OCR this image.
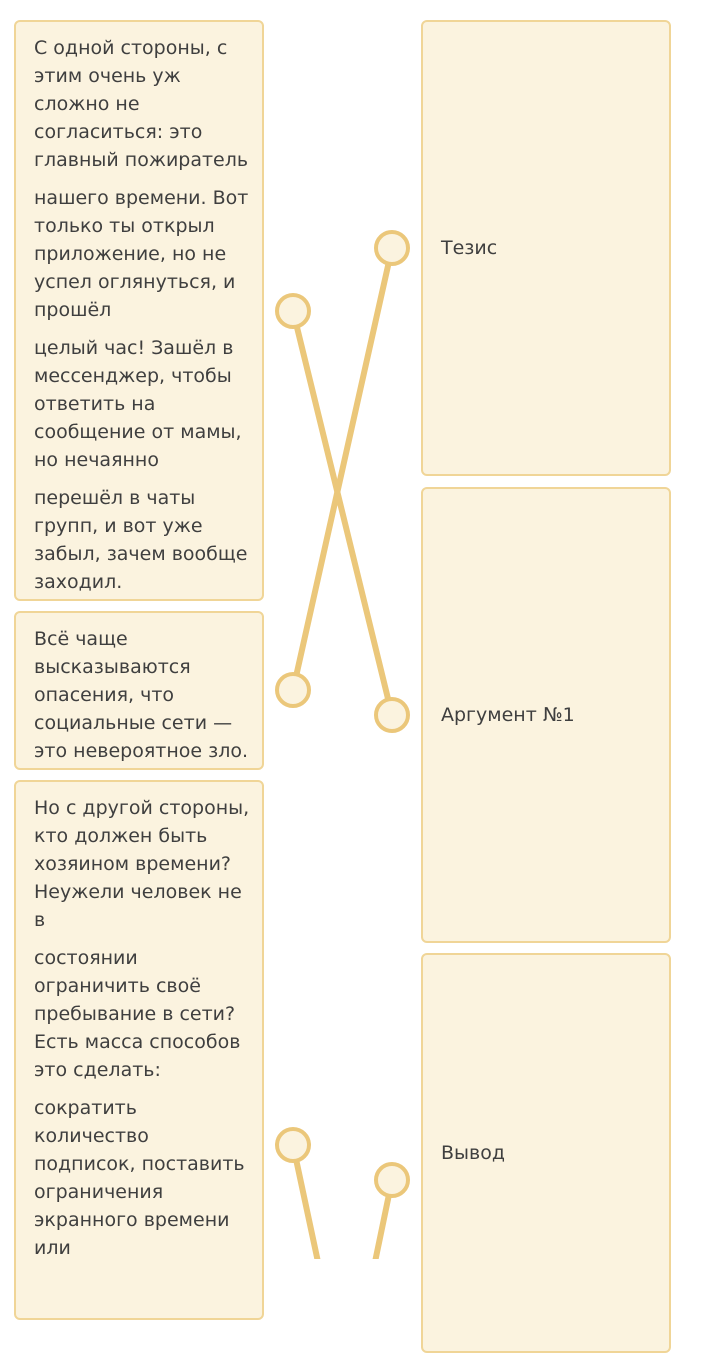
С одной стороны, с этим очень уж сложно не согласиться: это главный пожиратель
нашего времени. Вот только ты открыл приложение, но не успел оглянуться, и прошёл
целый час! Зашёл в мессенджер, чтобы ответить на сообщение от мамы, но нечаянно
перешёл в чаты групп, и вот уже забыл, зачем вообще заходил.
Всё чаще высказываются опасения, что социальные сети — это невероятное зло.
Но с другой стороны, кто должен быть хозяином времени? Неужели человек не в
состоянии ограничить своё пребывание в сети? Есть масса способов это сделать:
сократить количество подписок, поставить ограничения экранного времени или
Тезис
Аргумент №1
Вывод
